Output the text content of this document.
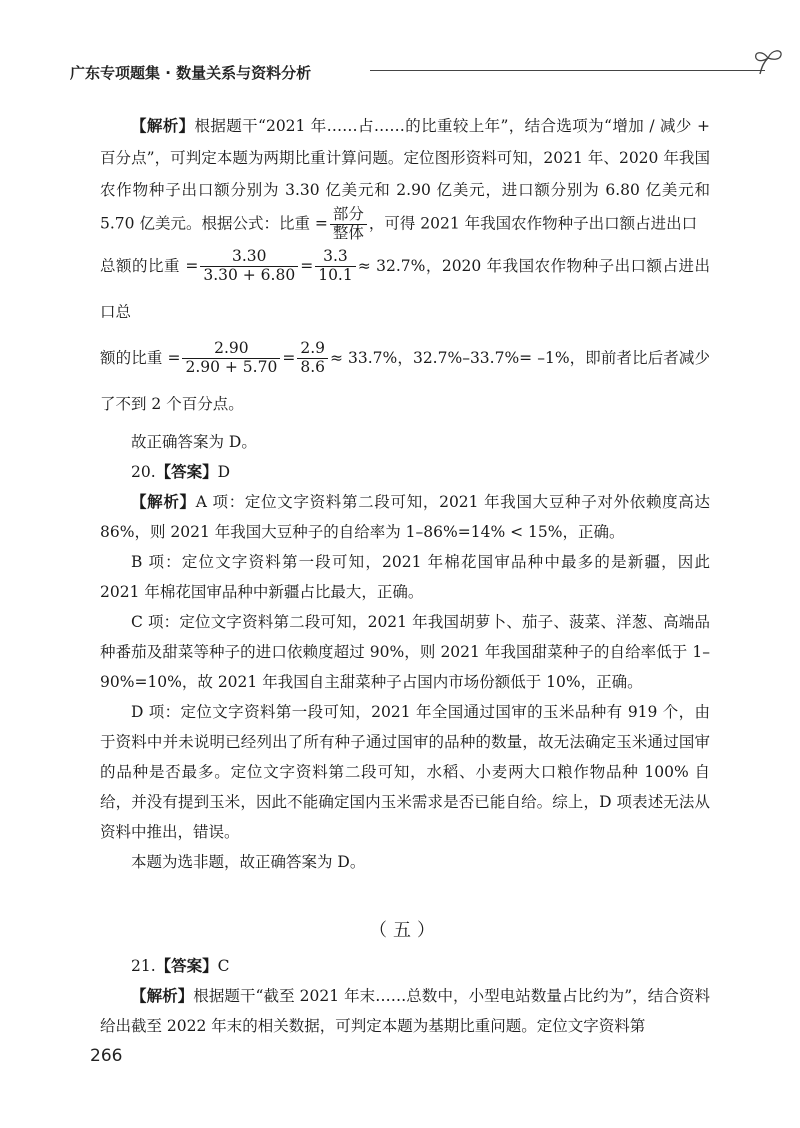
广东专项题集 · 数量关系与资料分析

【解析】根据题干“2021 年……占……的比重较上年”，结合选项为“增加 / 减少 + 百分点”，可判定本题为两期比重计算问题。定位图形资料可知，2021 年、2020 年我国农作物种子出口额分别为 3.30 亿美元和 2.90 亿美元，进口额分别为 6.80 亿美元和 5.70 亿美元。根据公式：比重 = $\frac{\text{部分}}{\text{整体}}$ ，可得 2021 年我国农作物种子出口额占进出口

总额的比重 = $\frac{3.30}{3.30 + 6.80} = \frac{3.3}{10.1} \approx 32.7\%$，2020 年我国农作物种子出口额占进出口总

额的比重 = $\frac{2.90}{2.90 + 5.70} = \frac{2.9}{8.6} \approx 33.7\%$，32.7%–33.7%= –1%，即前者比后者减少了不到 2 个百分点。

故正确答案为 D。

20.【答案】D

【解析】A 项：定位文字资料第二段可知，2021 年我国大豆种子对外依赖度高达 86%，则 2021 年我国大豆种子的自给率为 1–86%=14% < 15%，正确。

B 项：定位文字资料第一段可知，2021 年棉花国审品种中最多的是新疆，因此 2021 年棉花国审品种中新疆占比最大，正确。

C 项：定位文字资料第二段可知，2021 年我国胡萝卜、茄子、菠菜、洋葱、高端品种番茄及甜菜等种子的进口依赖度超过 90%，则 2021 年我国甜菜种子的自给率低于 1–90%=10%，故 2021 年我国自主甜菜种子占国内市场份额低于 10%，正确。

D 项：定位文字资料第一段可知，2021 年全国通过国审的玉米品种有 919 个，由于资料中并未说明已经列出了所有种子通过国审的品种的数量，故无法确定玉米通过国审的品种是否最多。定位文字资料第二段可知，水稻、小麦两大口粮作物品种 100% 自给，并没有提到玉米，因此不能确定国内玉米需求是否已能自给。综上，D 项表述无法从资料中推出，错误。

本题为选非题，故正确答案为 D。

（五）

21.【答案】C

【解析】根据题干“截至 2021 年末……总数中，小型电站数量占比约为”，结合资料给出截至 2022 年末的相关数据，可判定本题为基期比重问题。定位文字资料第

266
